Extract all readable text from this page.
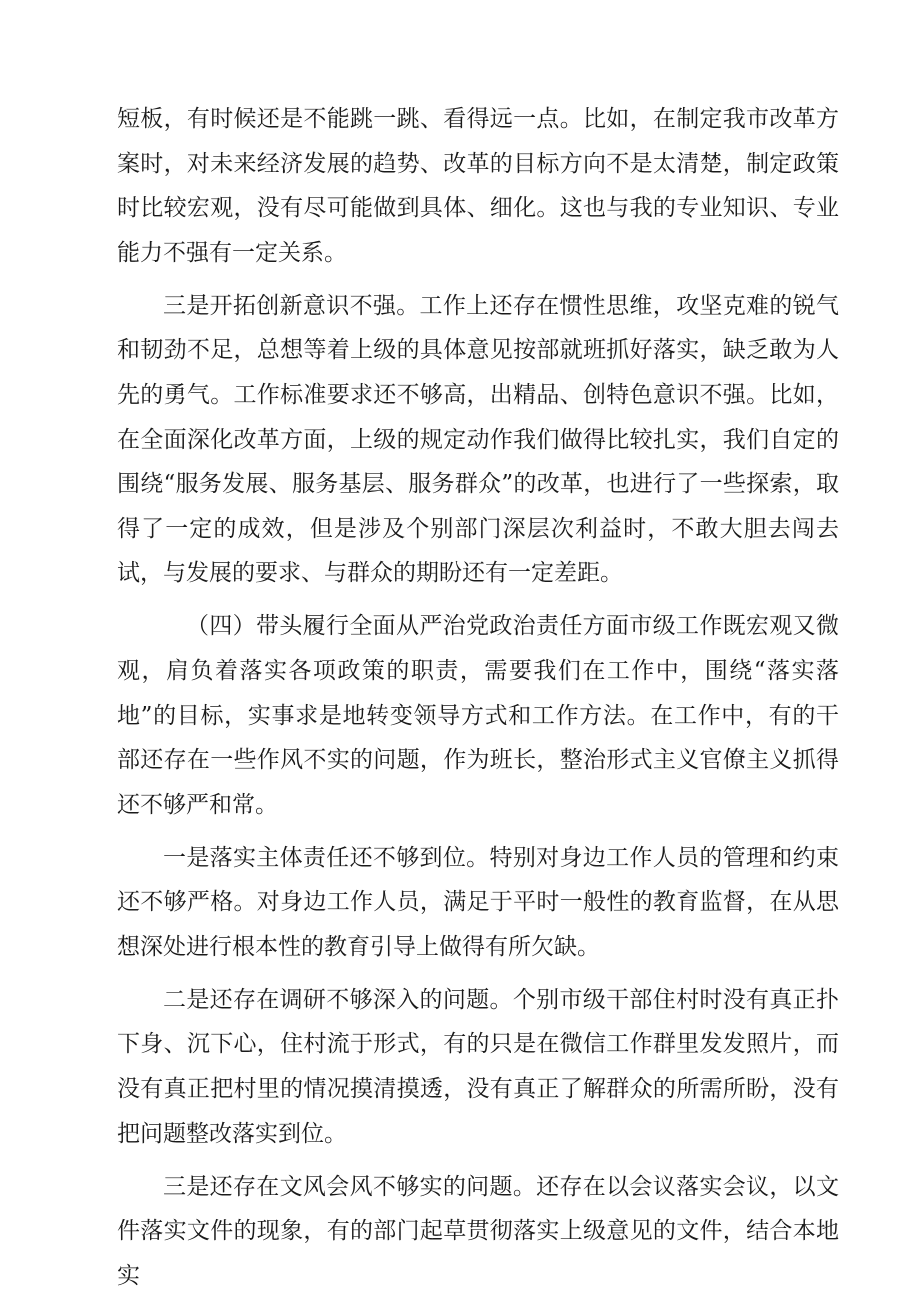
短板，有时候还是不能跳一跳、看得远一点。比如，在制定我市改革方案时，对未来经济发展的趋势、改革的目标方向不是太清楚，制定政策时比较宏观，没有尽可能做到具体、细化。这也与我的专业知识、专业能力不强有一定关系。

三是开拓创新意识不强。工作上还存在惯性思维，攻坚克难的锐气和韧劲不足，总想等着上级的具体意见按部就班抓好落实，缺乏敢为人先的勇气。工作标准要求还不够高，出精品、创特色意识不强。比如，在全面深化改革方面，上级的规定动作我们做得比较扎实，我们自定的围绕“服务发展、服务基层、服务群众”的改革，也进行了一些探索，取得了一定的成效，但是涉及个别部门深层次利益时，不敢大胆去闯去试，与发展的要求、与群众的期盼还有一定差距。

（四）带头履行全面从严治党政治责任方面市级工作既宏观又微观，肩负着落实各项政策的职责，需要我们在工作中，围绕“落实落地”的目标，实事求是地转变领导方式和工作方法。在工作中，有的干部还存在一些作风不实的问题，作为班长，整治形式主义官僚主义抓得还不够严和常。

一是落实主体责任还不够到位。特别对身边工作人员的管理和约束还不够严格。对身边工作人员，满足于平时一般性的教育监督，在从思想深处进行根本性的教育引导上做得有所欠缺。

二是还存在调研不够深入的问题。个别市级干部住村时没有真正扑下身、沉下心，住村流于形式，有的只是在微信工作群里发发照片，而没有真正把村里的情况摸清摸透，没有真正了解群众的所需所盼，没有把问题整改落实到位。

三是还存在文风会风不够实的问题。还存在以会议落实会议，以文件落实文件的现象，有的部门起草贯彻落实上级意见的文件，结合本地实
